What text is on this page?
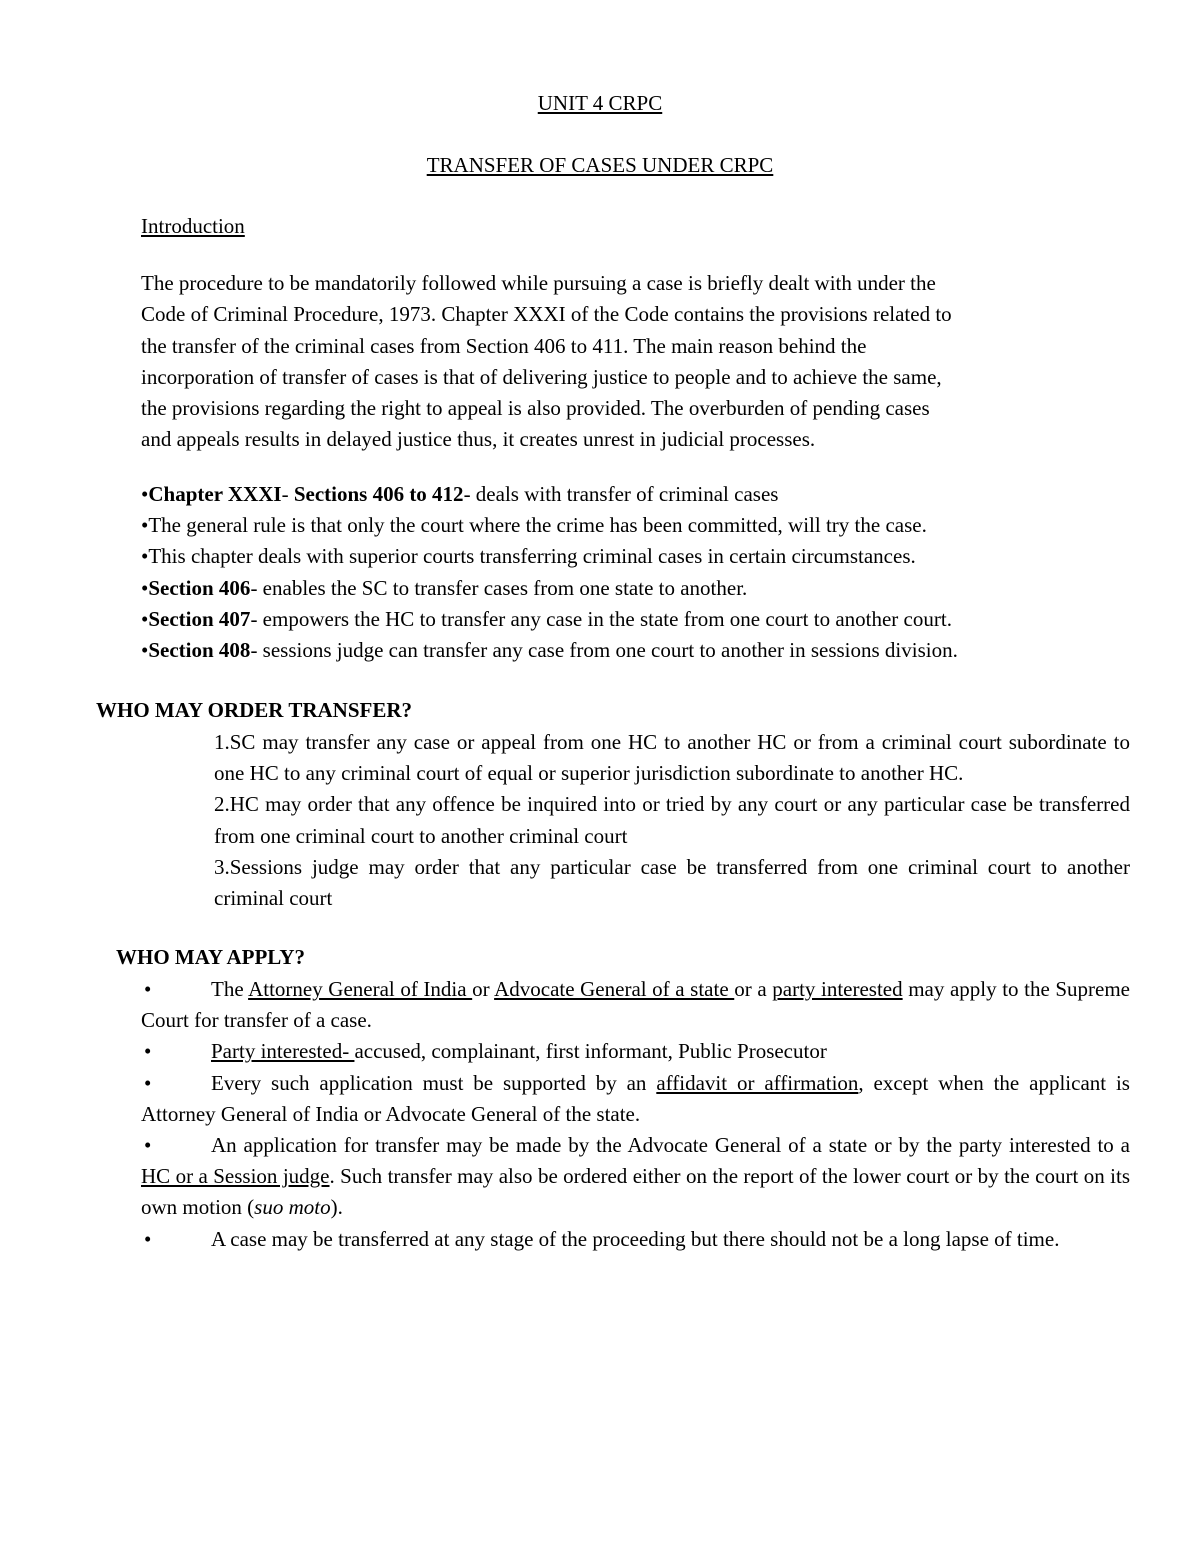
UNIT 4 CRPC
TRANSFER OF CASES UNDER CRPC
Introduction
The procedure to be mandatorily followed while pursuing a case is briefly dealt with under the
Code of Criminal Procedure, 1973. Chapter XXXI of the Code contains the provisions related to
the transfer of the criminal cases from Section 406 to 411. The main reason behind the
incorporation of transfer of cases is that of delivering justice to people and to achieve the same,
the provisions regarding the right to appeal is also provided. The overburden of pending cases
and appeals results in delayed justice thus, it creates unrest in judicial processes.
•Chapter XXXI- Sections 406 to 412- deals with transfer of criminal cases
•The general rule is that only the court where the crime has been committed, will try the case.
•This chapter deals with superior courts transferring criminal cases in certain circumstances.
•Section 406- enables the SC to transfer cases from one state to another.
•Section 407- empowers the HC to transfer any case in the state from one court to another court.
•Section 408- sessions judge can transfer any case from one court to another in sessions division.
WHO MAY ORDER TRANSFER?
1.SC may transfer any case or appeal from one HC to another HC or from a criminal court subordinate to one HC to any criminal court of equal or superior jurisdiction subordinate to another HC.
2.HC may order that any offence be inquired into or tried by any court or any particular case be transferred from one criminal court to another criminal court
3.Sessions judge may order that any particular case be transferred from one criminal court to another criminal court
WHO MAY APPLY?
•	The Attorney General of India or Advocate General of a state or a party interested may apply to the Supreme Court for transfer of a case.
•	Party interested- accused, complainant, first informant, Public Prosecutor
•	Every such application must be supported by an affidavit or affirmation, except when the applicant is Attorney General of India or Advocate General of the state.
•	An application for transfer may be made by the Advocate General of a state or by the party interested to a HC or a Session judge. Such transfer may also be ordered either on the report of the lower court or by the court on its own motion (suo moto).
•	A case may be transferred at any stage of the proceeding but there should not be a long lapse of time.
